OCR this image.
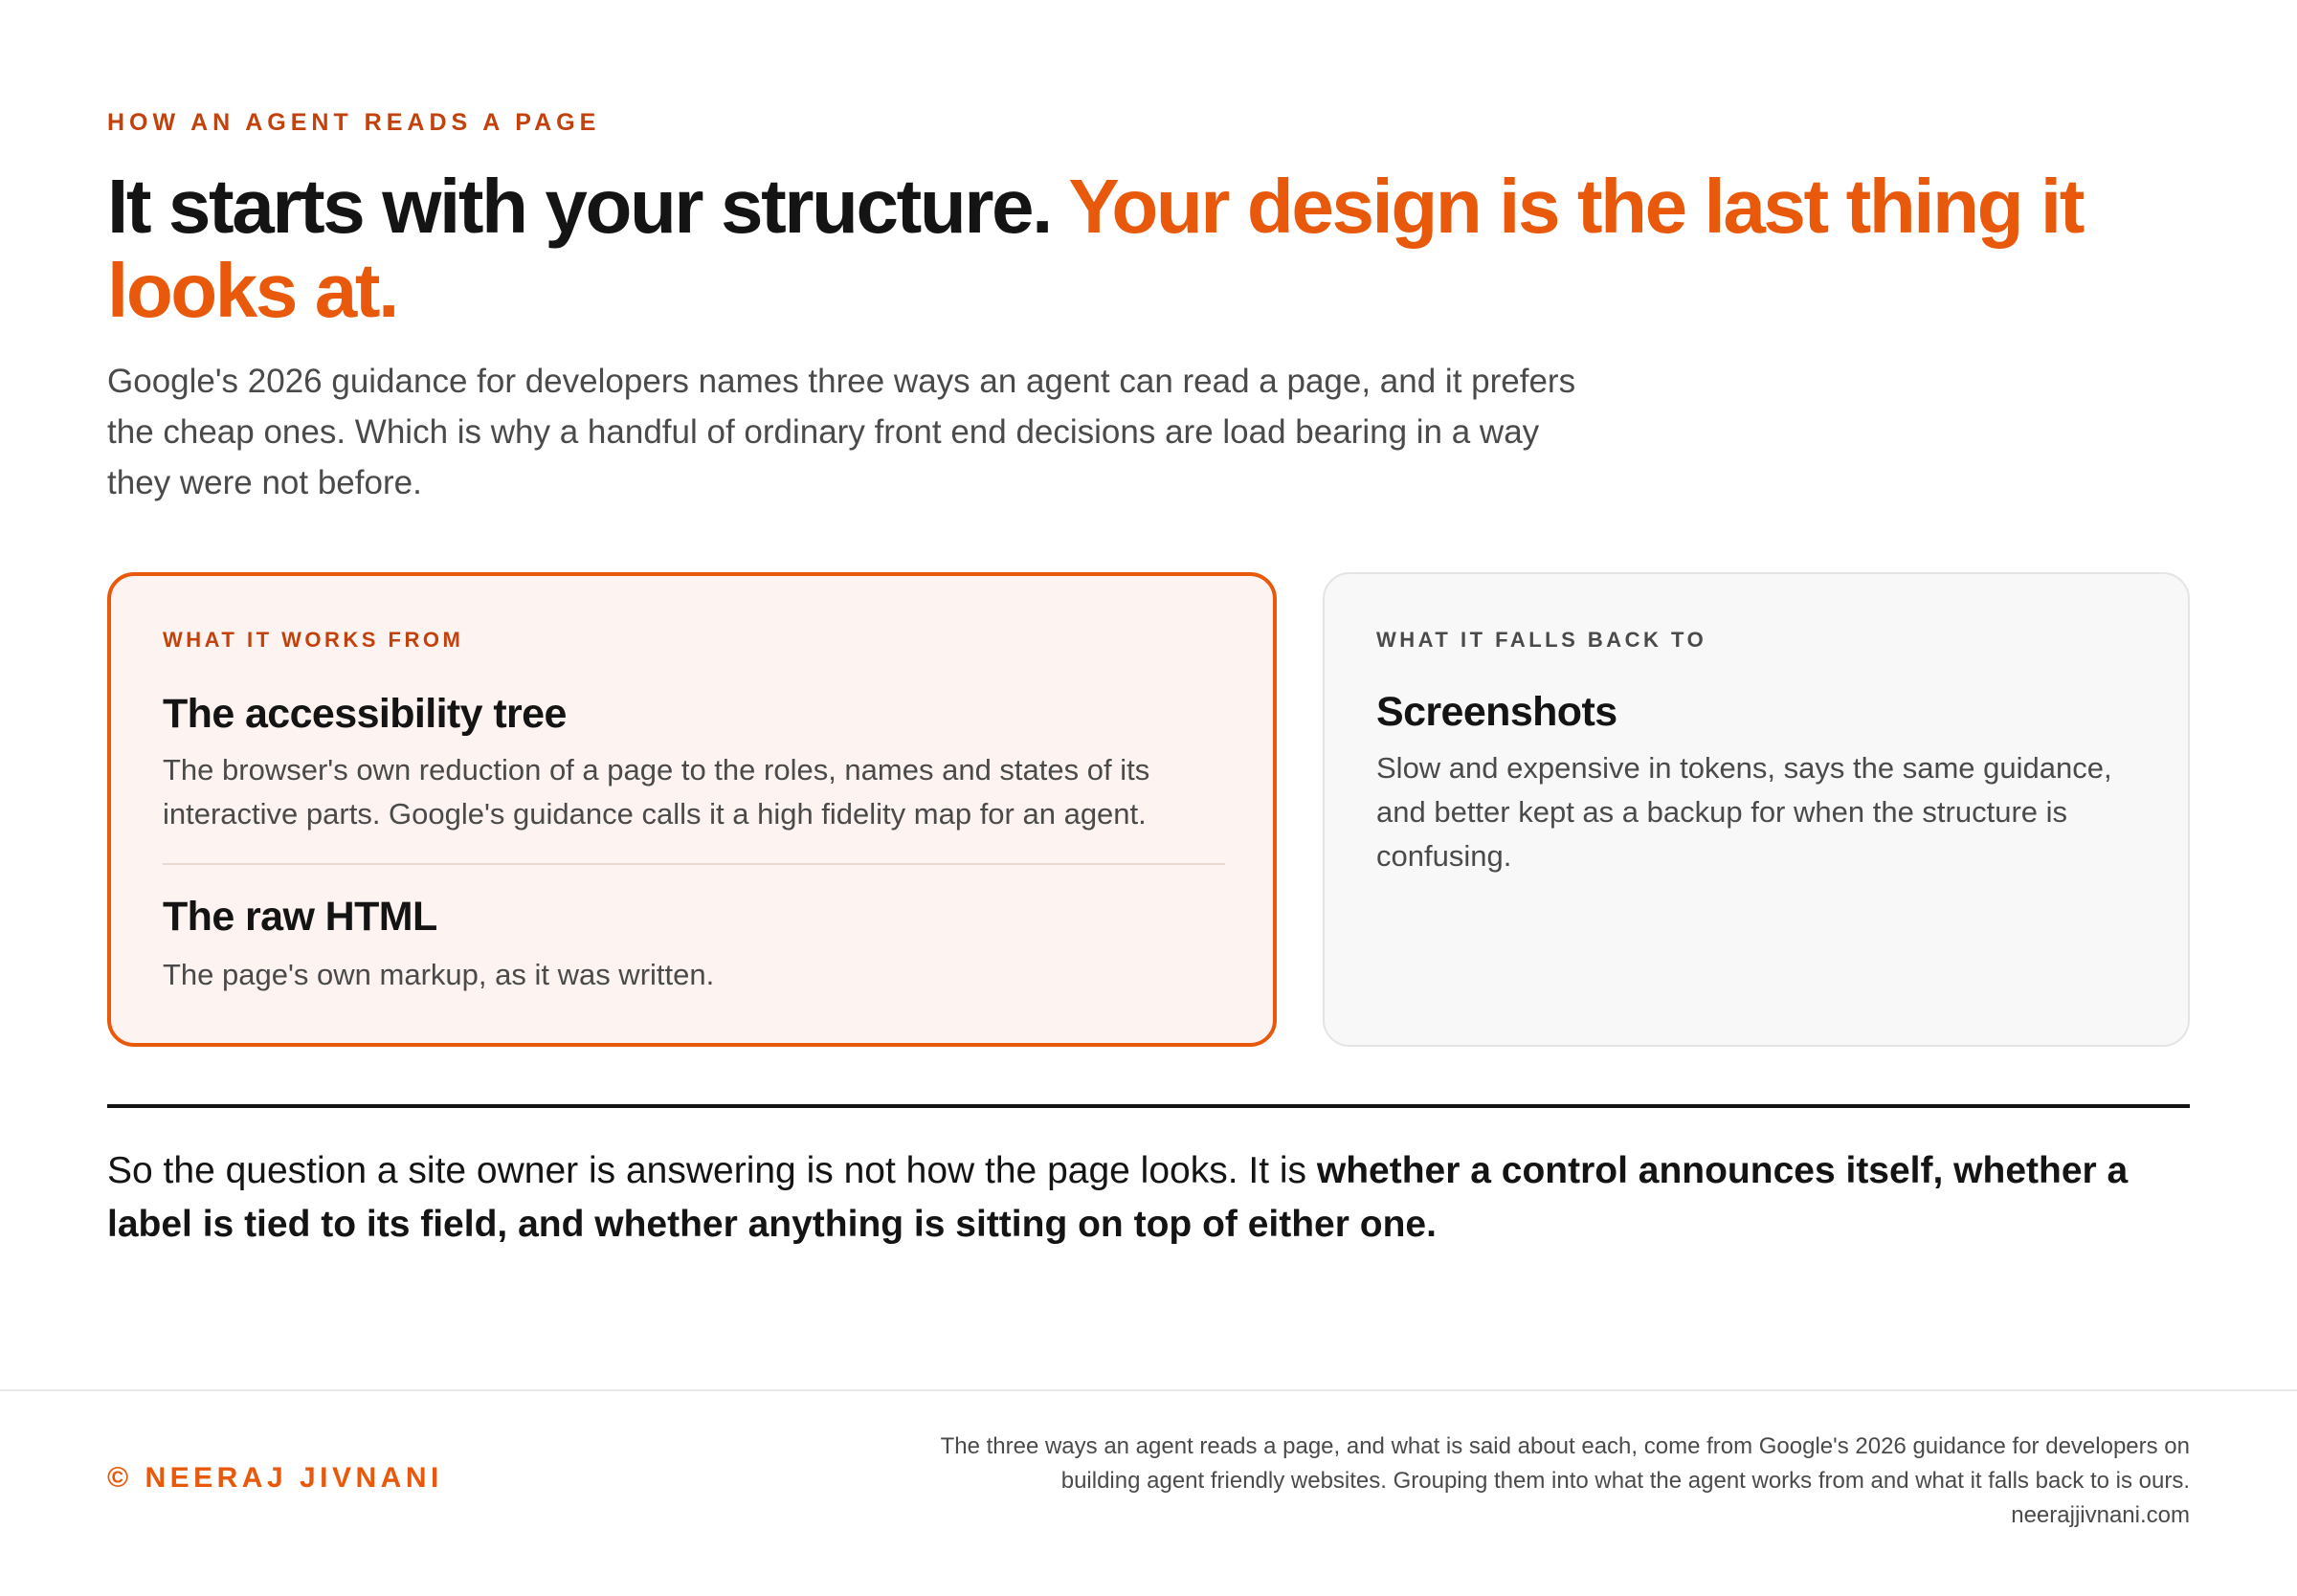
HOW AN AGENT READS A PAGE
It starts with your structure. Your design is the last thing it looks at.

Google's 2026 guidance for developers names three ways an agent can read a page, and it prefers the cheap ones. Which is why a handful of ordinary front end decisions are load bearing in a way they were not before.

WHAT IT WORKS FROM
The accessibility tree

The browser's own reduction of a page to the roles, names and states of its interactive parts. Google's guidance calls it a high fidelity map for an agent.

The raw HTML

The page's own markup, as it was written.

WHAT IT FALLS BACK TO
Screenshots

Slow and expensive in tokens, says the same guidance, and better kept as a backup for when the structure is confusing.

So the question a site owner is answering is not how the page looks. It is whether a control announces itself, whether a label is tied to its field, and whether anything is sitting on top of either one.

© NEERAJ JIVNANI
The three ways an agent reads a page, and what is said about each, come from Google's 2026 guidance for developers on
building agent friendly websites. Grouping them into what the agent works from and what it falls back to is ours.
neerajjivnani.com
